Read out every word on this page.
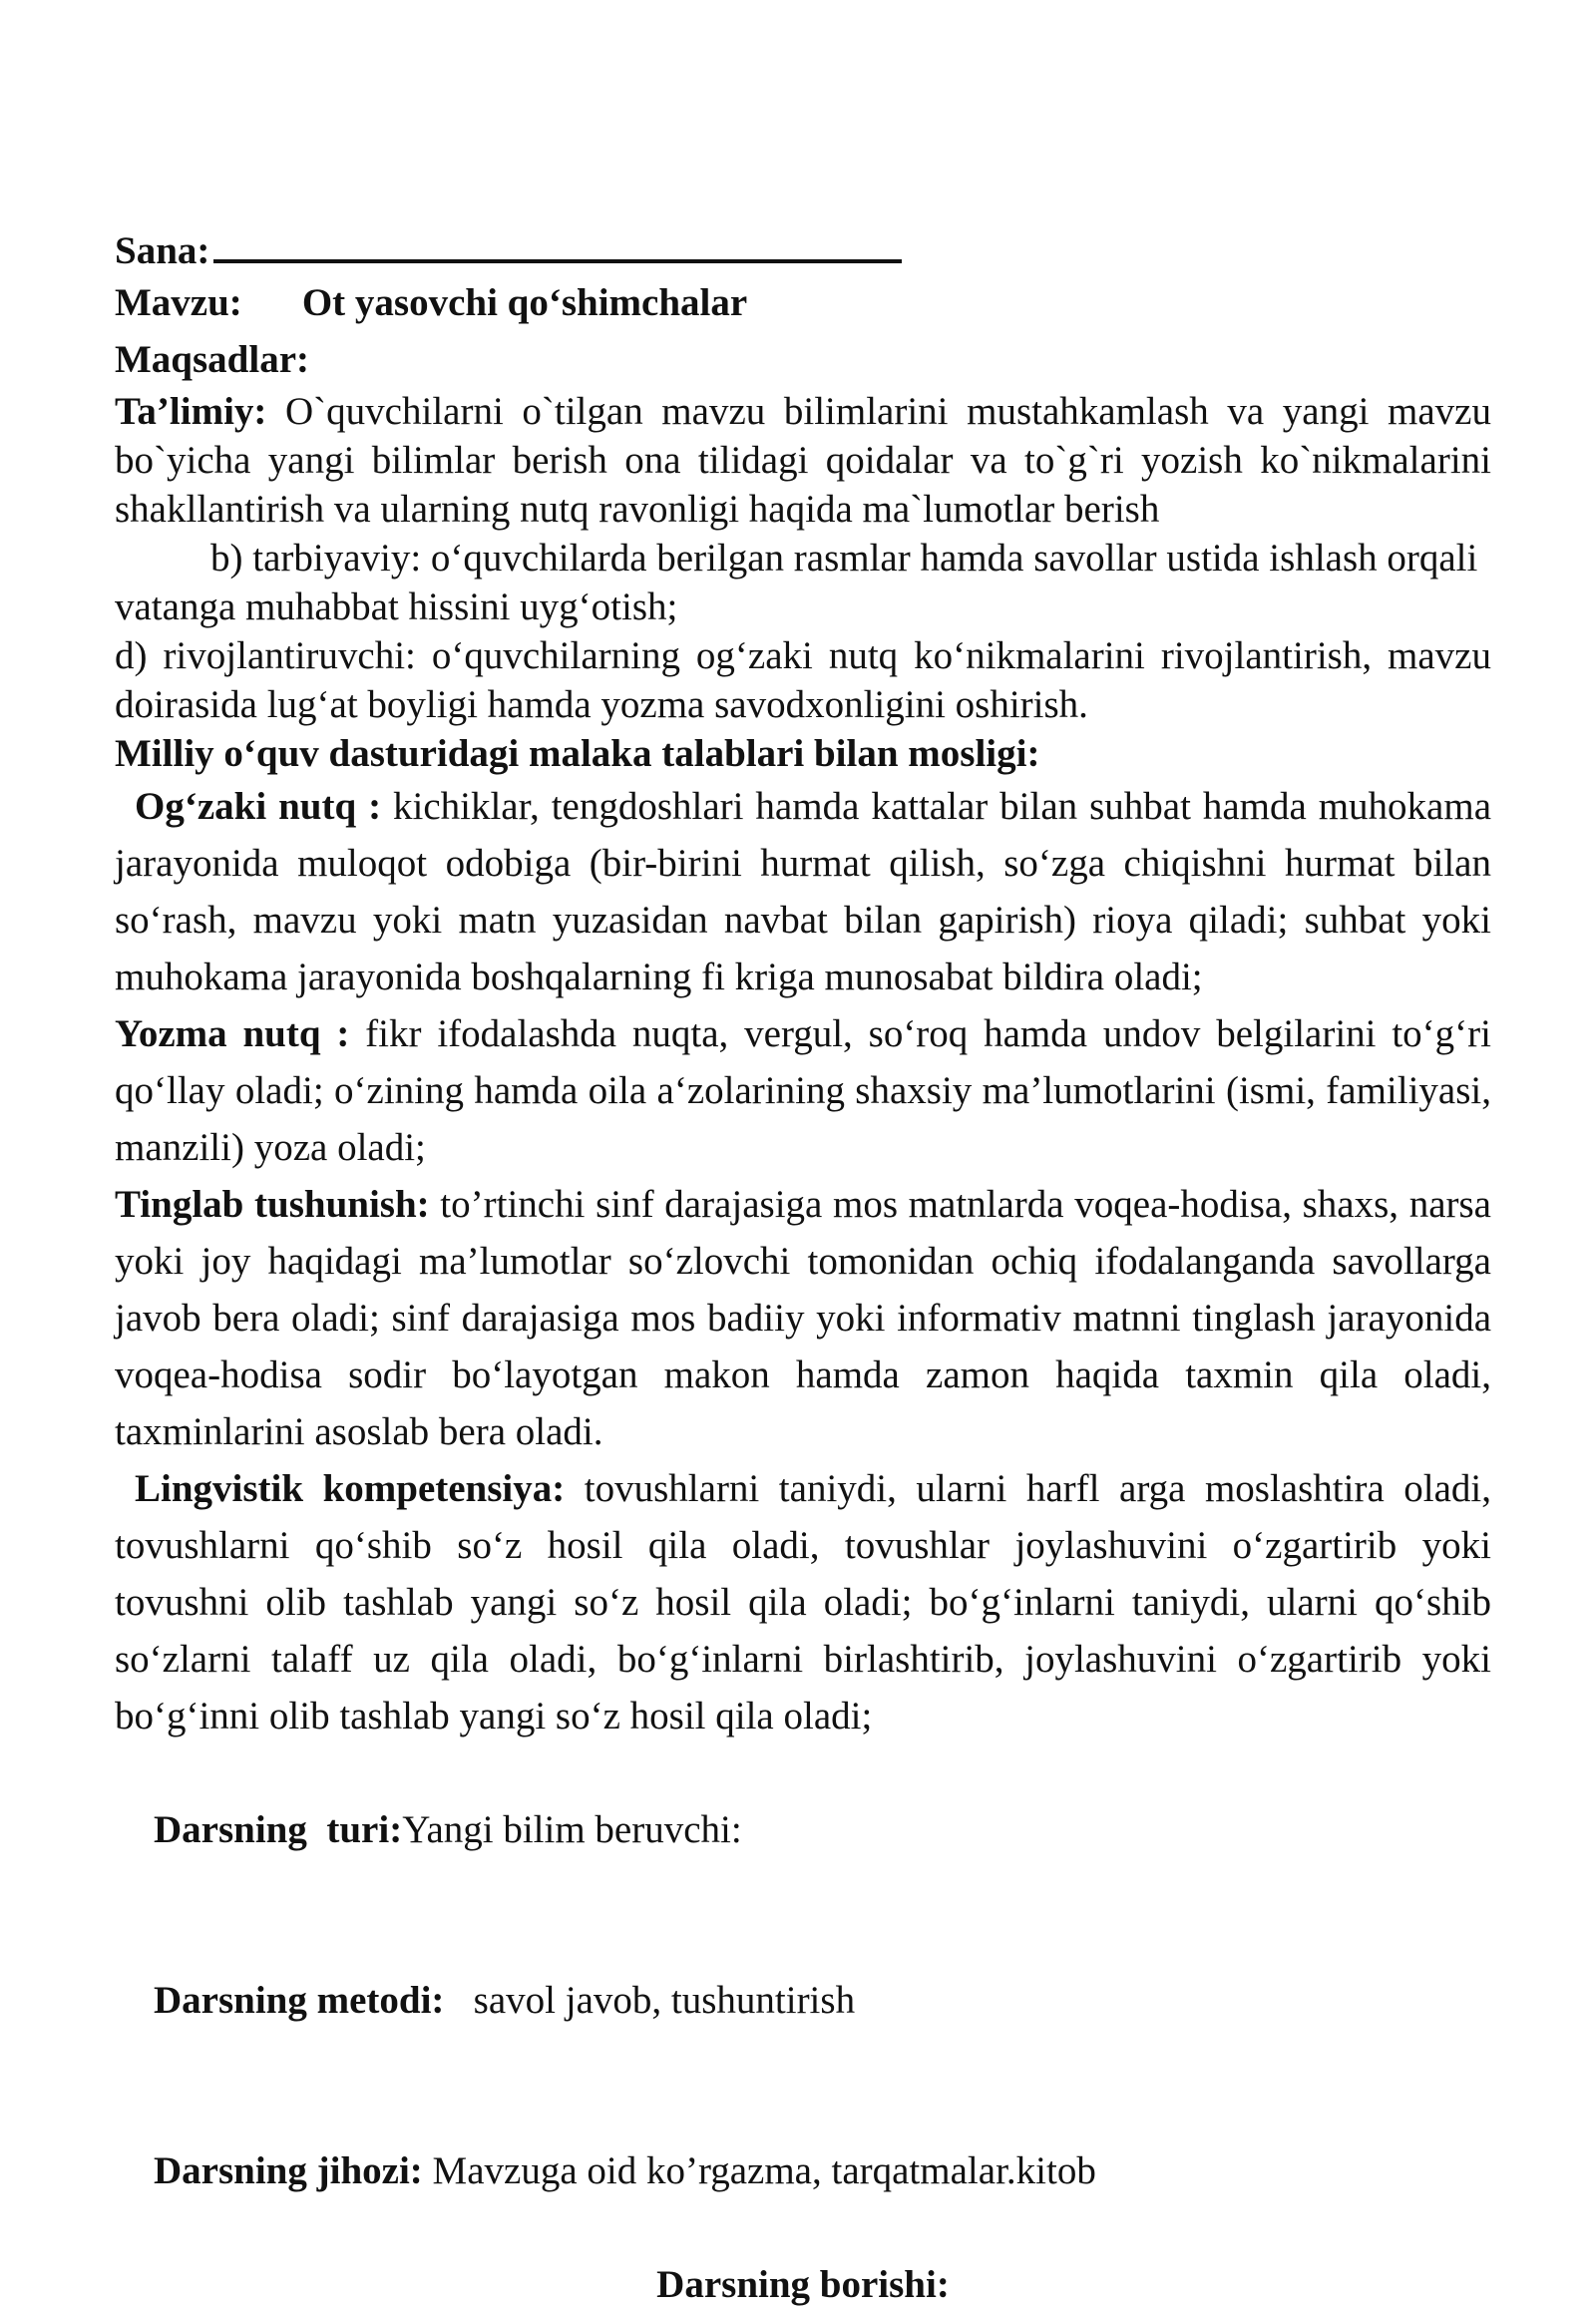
Sana:
Mavzu: Ot yasovchi qo‘shimchalar
Maqsadlar:

Ta’limiy: O`quvchilarni o`tilgan mavzu bilimlarini mustahkamlash va yangi mavzu bo`yicha yangi bilimlar berish ona tilidagi qoidalar va to`g`ri yozish ko`nikmalarini shakllantirish va ularning nutq ravonligi haqida ma`lumotlar berish

b) tarbiyaviy: o‘quvchilarda berilgan rasmlar hamda savollar ustida ishlash orqali vatanga muhabbat hissini uyg‘otish;

d) rivojlantiruvchi: o‘quvchilarning og‘zaki nutq ko‘nikmalarini rivojlantirish, mavzu doirasida lug‘at boyligi hamda yozma savodxonligini oshirish.

Milliy o‘quv dasturidagi malaka talablari bilan mosligi:

Og‘zaki nutq : kichiklar, tengdoshlari hamda kattalar bilan suhbat hamda muhokama jarayonida muloqot odobiga (bir-birini hurmat qilish, so‘zga chiqishni hurmat bilan so‘rash, mavzu yoki matn yuzasidan navbat bilan gapirish) rioya qiladi; suhbat yoki muhokama jarayonida boshqalarning fi kriga munosabat bildira oladi;

Yozma nutq : fikr ifodalashda nuqta, vergul, so‘roq hamda undov belgilarini to‘g‘ri qo‘llay oladi; o‘zining hamda oila a‘zolarining shaxsiy ma’lumotlarini (ismi, familiyasi, manzili) yoza oladi;

Tinglab tushunish: to’rtinchi sinf darajasiga mos matnlarda voqea-hodisa, shaxs, narsa yoki joy haqidagi ma’lumotlar so‘zlovchi tomonidan ochiq ifodalanganda savollarga javob bera oladi; sinf darajasiga mos badiiy yoki informativ matnni tinglash jarayonida voqea-hodisa sodir bo‘layotgan makon hamda zamon haqida taxmin qila oladi, taxminlarini asoslab bera oladi.

Lingvistik kompetensiya: tovushlarni taniydi, ularni harfl arga moslashtira oladi, tovushlarni qo‘shib so‘z hosil qila oladi, tovushlar joylashuvini o‘zgartirib yoki tovushni olib tashlab yangi so‘z hosil qila oladi; bo‘g‘inlarni taniydi, ularni qo‘shib so‘zlarni talaff uz qila oladi, bo‘g‘inlarni birlashtirib, joylashuvini o‘zgartirib yoki bo‘g‘inni olib tashlab yangi so‘z hosil qila oladi;

Darsning  turi:Yangi bilim beruvchi:

Darsning metodi:   savol javob, tushuntirish

Darsning jihozi: Mavzuga oid ko’rgazma, tarqatmalar.kitob

Darsning borishi:
